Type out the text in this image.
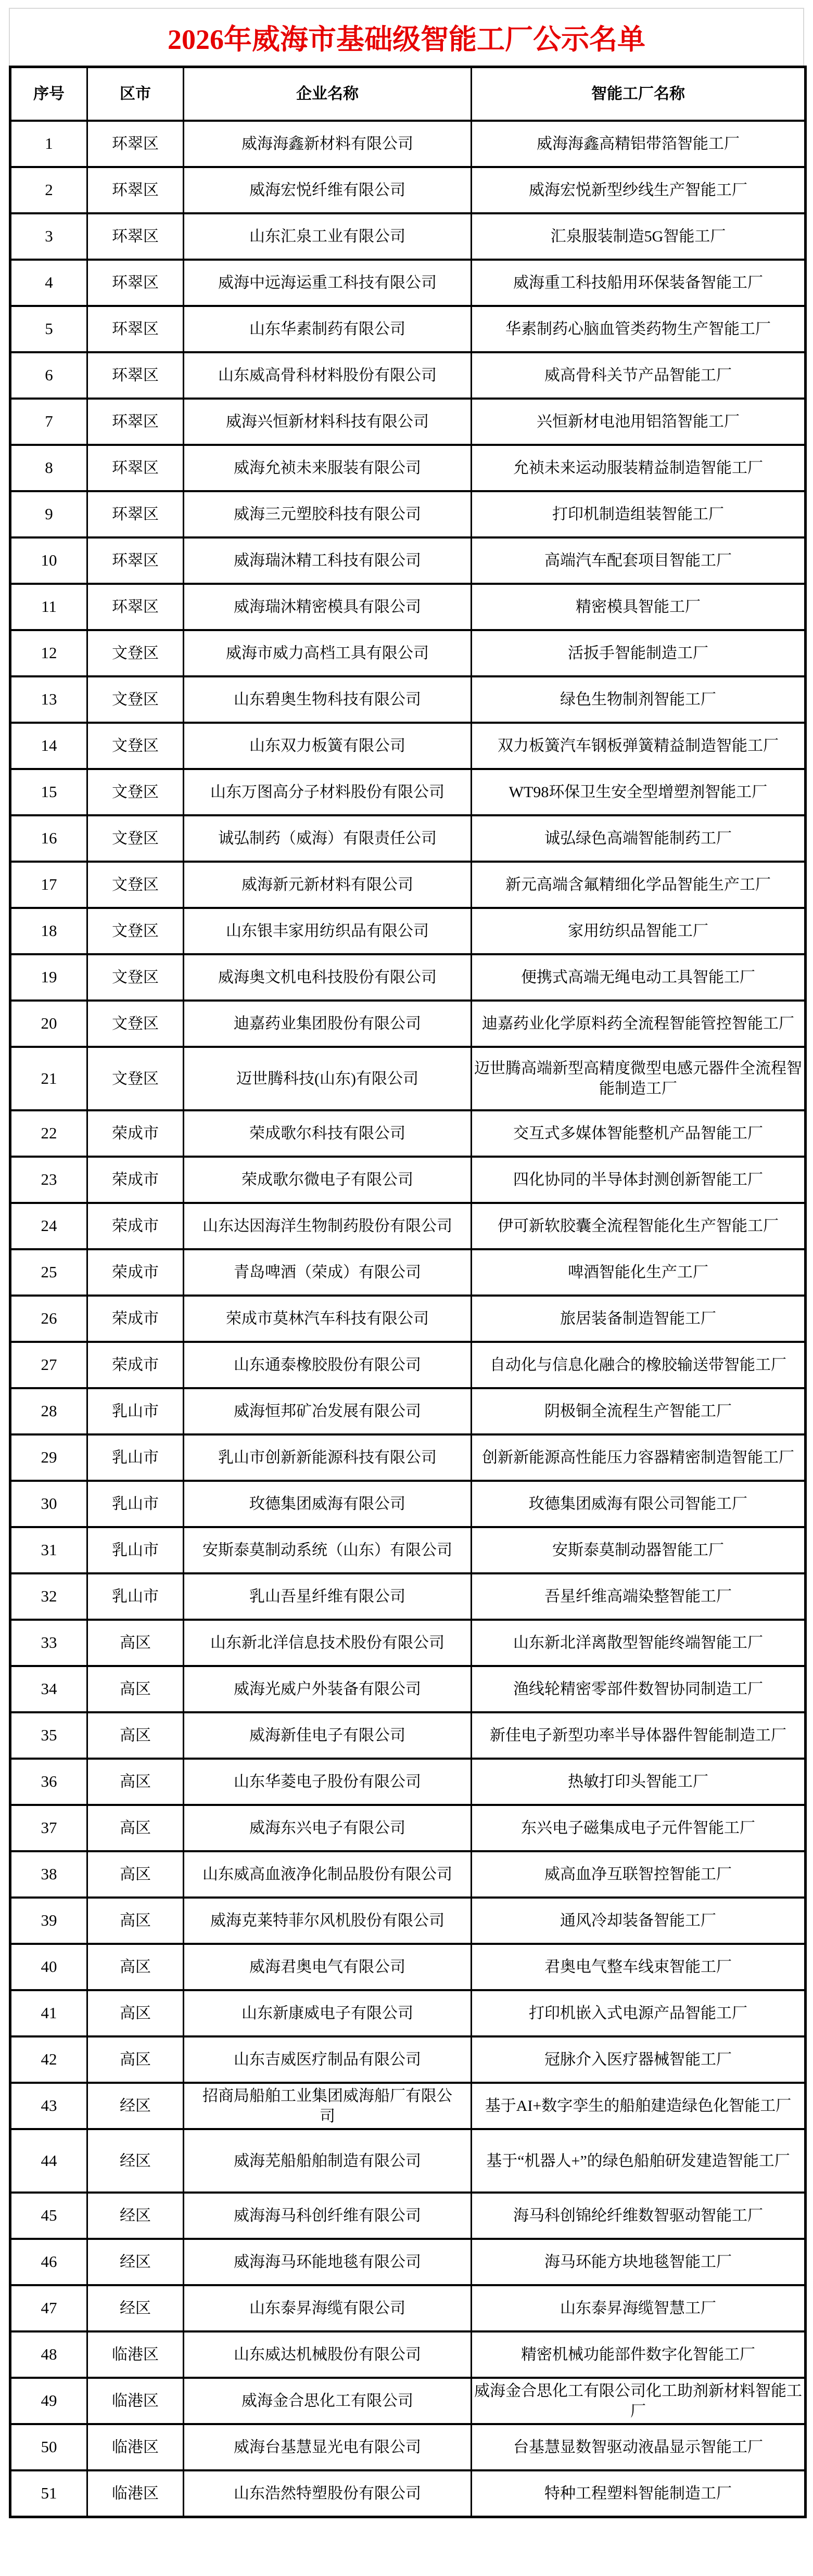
2026年威海市基础级智能工厂公示名单
序号	区市	企业名称	智能工厂名称
1	环翠区	威海海鑫新材料有限公司	威海海鑫高精铝带箔智能工厂
2	环翠区	威海宏悦纤维有限公司	威海宏悦新型纱线生产智能工厂
3	环翠区	山东汇泉工业有限公司	汇泉服装制造5G智能工厂
4	环翠区	威海中远海运重工科技有限公司	威海重工科技船用环保装备智能工厂
5	环翠区	山东华素制药有限公司	华素制药心脑血管类药物生产智能工厂
6	环翠区	山东威高骨科材料股份有限公司	威高骨科关节产品智能工厂
7	环翠区	威海兴恒新材料科技有限公司	兴恒新材电池用铝箔智能工厂
8	环翠区	威海允祯未来服装有限公司	允祯未来运动服装精益制造智能工厂
9	环翠区	威海三元塑胶科技有限公司	打印机制造组装智能工厂
10	环翠区	威海瑞沐精工科技有限公司	高端汽车配套项目智能工厂
11	环翠区	威海瑞沐精密模具有限公司	精密模具智能工厂
12	文登区	威海市威力高档工具有限公司	活扳手智能制造工厂
13	文登区	山东碧奥生物科技有限公司	绿色生物制剂智能工厂
14	文登区	山东双力板簧有限公司	双力板簧汽车钢板弹簧精益制造智能工厂
15	文登区	山东万图高分子材料股份有限公司	WT98环保卫生安全型增塑剂智能工厂
16	文登区	诚弘制药（威海）有限责任公司	诚弘绿色高端智能制药工厂
17	文登区	威海新元新材料有限公司	新元高端含氟精细化学品智能生产工厂
18	文登区	山东银丰家用纺织品有限公司	家用纺织品智能工厂
19	文登区	威海奥文机电科技股份有限公司	便携式高端无绳电动工具智能工厂
20	文登区	迪嘉药业集团股份有限公司	迪嘉药业化学原料药全流程智能管控智能工厂
21	文登区	迈世腾科技(山东)有限公司	迈世腾高端新型高精度微型电感元器件全流程智能制造工厂
22	荣成市	荣成歌尔科技有限公司	交互式多媒体智能整机产品智能工厂
23	荣成市	荣成歌尔微电子有限公司	四化协同的半导体封测创新智能工厂
24	荣成市	山东达因海洋生物制药股份有限公司	伊可新软胶囊全流程智能化生产智能工厂
25	荣成市	青岛啤酒（荣成）有限公司	啤酒智能化生产工厂
26	荣成市	荣成市莫林汽车科技有限公司	旅居装备制造智能工厂
27	荣成市	山东通泰橡胶股份有限公司	自动化与信息化融合的橡胶输送带智能工厂
28	乳山市	威海恒邦矿冶发展有限公司	阴极铜全流程生产智能工厂
29	乳山市	乳山市创新新能源科技有限公司	创新新能源高性能压力容器精密制造智能工厂
30	乳山市	玫德集团威海有限公司	玫德集团威海有限公司智能工厂
31	乳山市	安斯泰莫制动系统（山东）有限公司	安斯泰莫制动器智能工厂
32	乳山市	乳山吾星纤维有限公司	吾星纤维高端染整智能工厂
33	高区	山东新北洋信息技术股份有限公司	山东新北洋离散型智能终端智能工厂
34	高区	威海光威户外装备有限公司	渔线轮精密零部件数智协同制造工厂
35	高区	威海新佳电子有限公司	新佳电子新型功率半导体器件智能制造工厂
36	高区	山东华菱电子股份有限公司	热敏打印头智能工厂
37	高区	威海东兴电子有限公司	东兴电子磁集成电子元件智能工厂
38	高区	山东威高血液净化制品股份有限公司	威高血净互联智控智能工厂
39	高区	威海克莱特菲尔风机股份有限公司	通风冷却装备智能工厂
40	高区	威海君奥电气有限公司	君奥电气整车线束智能工厂
41	高区	山东新康威电子有限公司	打印机嵌入式电源产品智能工厂
42	高区	山东吉威医疗制品有限公司	冠脉介入医疗器械智能工厂
43	经区	招商局船舶工业集团威海船厂有限公司	基于AI+数字孪生的船舶建造绿色化智能工厂
44	经区	威海芜船船舶制造有限公司	基于“机器人+”的绿色船舶研发建造智能工厂
45	经区	威海海马科创纤维有限公司	海马科创锦纶纤维数智驱动智能工厂
46	经区	威海海马环能地毯有限公司	海马环能方块地毯智能工厂
47	经区	山东泰昇海缆有限公司	山东泰昇海缆智慧工厂
48	临港区	山东威达机械股份有限公司	精密机械功能部件数字化智能工厂
49	临港区	威海金合思化工有限公司	威海金合思化工有限公司化工助剂新材料智能工厂
50	临港区	威海台基慧显光电有限公司	台基慧显数智驱动液晶显示智能工厂
51	临港区	山东浩然特塑股份有限公司	特种工程塑料智能制造工厂
